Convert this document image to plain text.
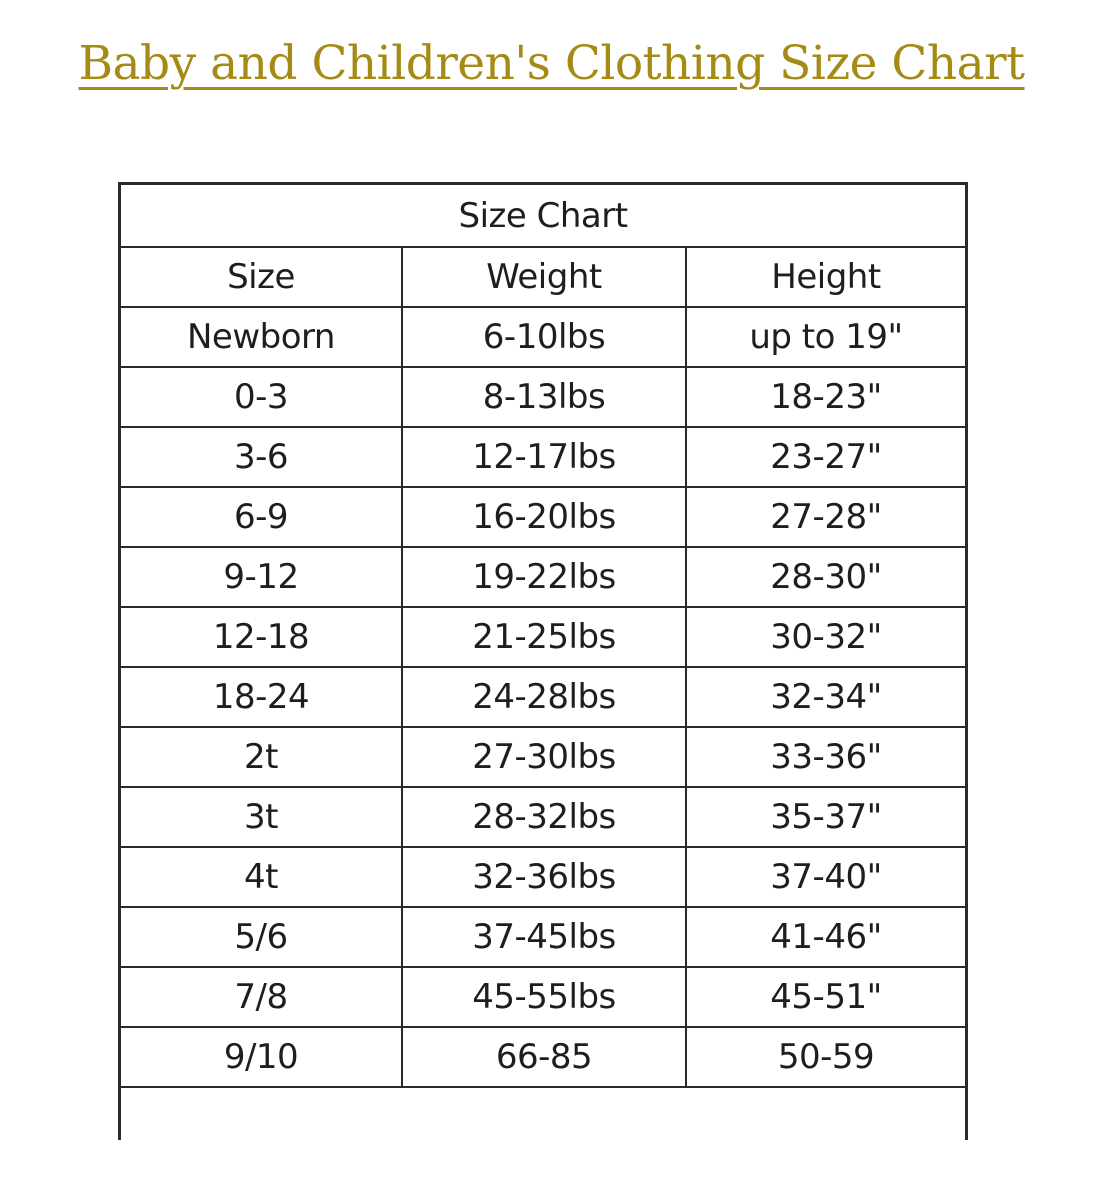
Baby and Children's Clothing Size Chart
Size Chart		
Size	Weight	Height
Newborn	6-10lbs	up to 19"
0-3	8-13lbs	18-23"
3-6	12-17lbs	23-27"
6-9	16-20lbs	27-28"
9-12	19-22lbs	28-30"
12-18	21-25lbs	30-32"
18-24	24-28lbs	32-34"
2t	27-30lbs	33-36"
3t	28-32lbs	35-37"
4t	32-36lbs	37-40"
5/6	37-45lbs	41-46"
7/8	45-55lbs	45-51"
9/10	66-85	50-59
